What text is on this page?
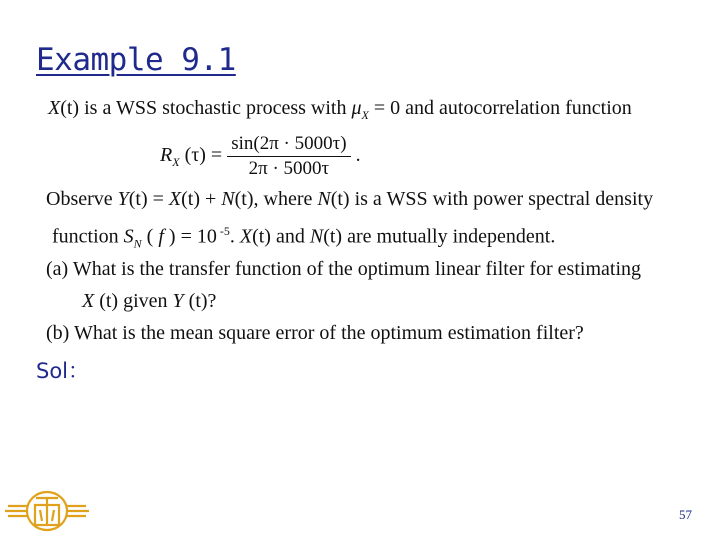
Example 9.1
X(t) is a WSS stochastic process with $\mu_X = 0$ and autocorrelation function
$R_X$ $(\tau) = \frac{\sin(2\pi \cdot 5000\tau)}{2\pi \cdot 5000\tau}$ .
Observe Y(t) = X(t) + N(t), where N(t) is a WSS with power spectral density
function $S_N$ ( f ) = 10 $^{-5}$. X(t) and N(t) are mutually independent.
(a) What is the transfer function of the optimum linear filter for estimating
X (t) given Y (t)?
(b) What is the mean square error of the optimum estimation filter?
Sol：
57
